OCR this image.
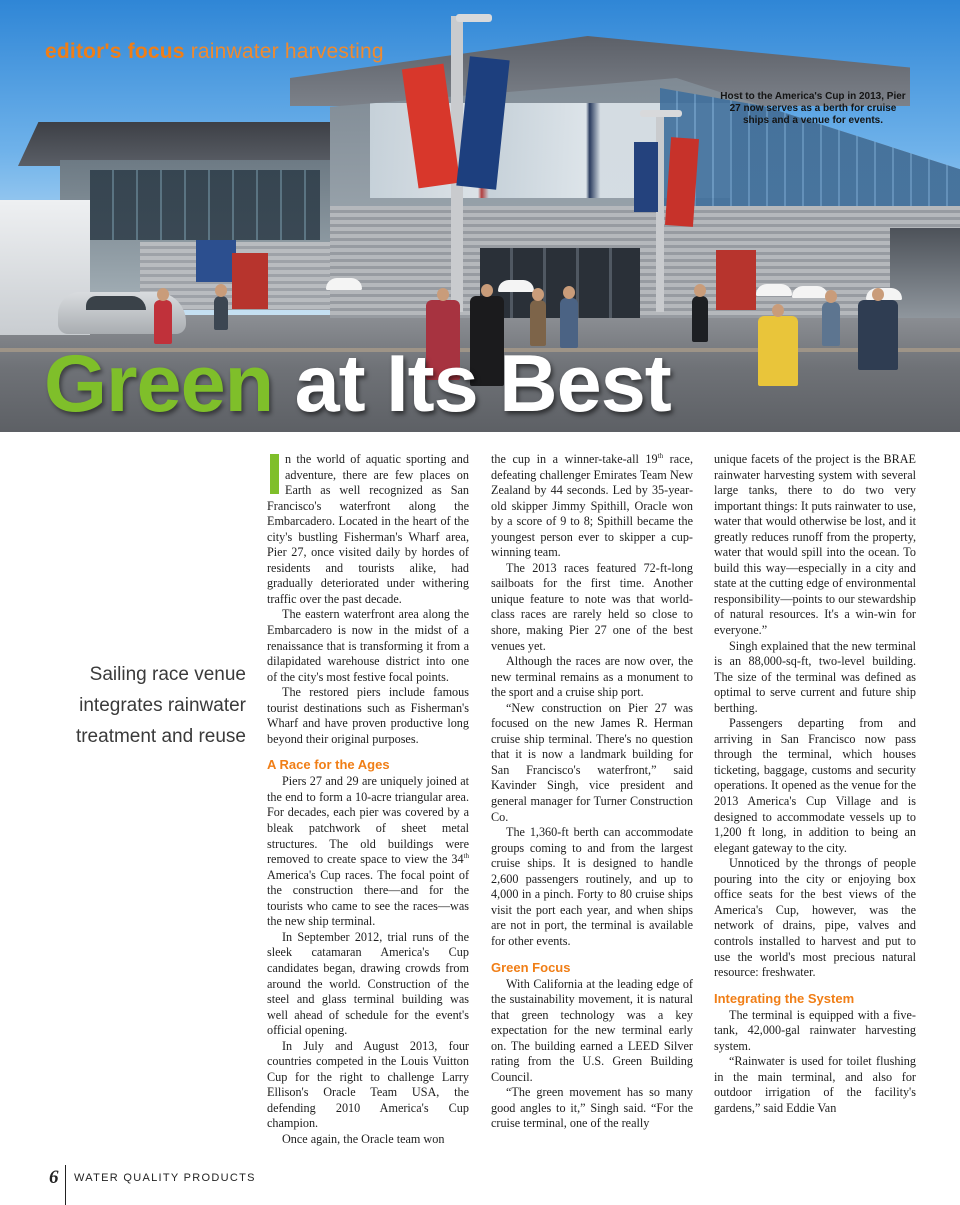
editor's focus rainwater harvesting
Host to the America's Cup in 2013, Pier 27 now serves as a berth for cruise ships and a venue for events.
Green at Its Best
Sailing race venue integrates rainwater treatment and reuse

n the world of aquatic sporting and adventure, there are few places on Earth as well recognized as San Francisco's waterfront along the Embarcadero. Located in the heart of the city's bustling Fisherman's Wharf area, Pier 27, once visited daily by hordes of residents and tourists alike, had gradually deteriorated under withering traffic over the past decade.

The eastern waterfront area along the Embarcadero is now in the midst of a renaissance that is transforming it from a dilapidated warehouse district into one of the city's most festive focal points.

The restored piers include famous tourist destinations such as Fisherman's Wharf and have proven productive long beyond their original purposes.

A Race for the Ages

Piers 27 and 29 are uniquely joined at the end to form a 10-acre triangular area. For decades, each pier was covered by a bleak patchwork of sheet metal structures. The old buildings were removed to create space to view the 34th America's Cup races. The focal point of the construction there—and for the tourists who came to see the races—was the new ship terminal.

In September 2012, trial runs of the sleek catamaran America's Cup candidates began, drawing crowds from around the world. Construction of the steel and glass terminal building was well ahead of schedule for the event's official opening.

In July and August 2013, four countries competed in the Louis Vuitton Cup for the right to challenge Larry Ellison's Oracle Team USA, the defending 2010 America's Cup champion.

Once again, the Oracle team won

the cup in a winner-take-all 19th race, defeating challenger Emirates Team New Zealand by 44 seconds. Led by 35-year-old skipper Jimmy Spithill, Oracle won by a score of 9 to 8; Spithill became the youngest person ever to skipper a cup-winning team.

The 2013 races featured 72-ft-long sailboats for the first time. Another unique feature to note was that world-class races are rarely held so close to shore, making Pier 27 one of the best venues yet.

Although the races are now over, the new terminal remains as a monument to the sport and a cruise ship port.

“New construction on Pier 27 was focused on the new James R. Herman cruise ship terminal. There's no question that it is now a landmark building for San Francisco's waterfront,” said Kavinder Singh, vice president and general manager for Turner Construction Co.

The 1,360-ft berth can accommodate groups coming to and from the largest cruise ships. It is designed to handle 2,600 passengers routinely, and up to 4,000 in a pinch. Forty to 80 cruise ships visit the port each year, and when ships are not in port, the terminal is available for other events.

Green Focus

With California at the leading edge of the sustainability movement, it is natural that green technology was a key expectation for the new terminal early on. The building earned a LEED Silver rating from the U.S. Green Building Council.

“The green movement has so many good angles to it,” Singh said. “For the cruise terminal, one of the really

unique facets of the project is the BRAE rainwater harvesting system with several large tanks, there to do two very important things: It puts rainwater to use, water that would otherwise be lost, and it greatly reduces runoff from the property, water that would spill into the ocean. To build this way—especially in a city and state at the cutting edge of environmental responsibility—points to our stewardship of natural resources. It's a win-win for everyone.”

Singh explained that the new terminal is an 88,000-sq-ft, two-level building. The size of the terminal was defined as optimal to serve current and future ship berthing.

Passengers departing from and arriving in San Francisco now pass through the terminal, which houses ticketing, baggage, customs and security operations. It opened as the venue for the 2013 America's Cup Village and is designed to accommodate vessels up to 1,200 ft long, in addition to being an elegant gateway to the city.

Unnoticed by the throngs of people pouring into the city or enjoying box office seats for the best views of the America's Cup, however, was the network of drains, pipe, valves and controls installed to harvest and put to use the world's most precious natural resource: freshwater.

Integrating the System

The terminal is equipped with a five-tank, 42,000-gal rainwater harvesting system.

“Rainwater is used for toilet flushing in the main terminal, and also for outdoor irrigation of the facility's gardens,” said Eddie Van

6 WATER QUALITY PRODUCTS
